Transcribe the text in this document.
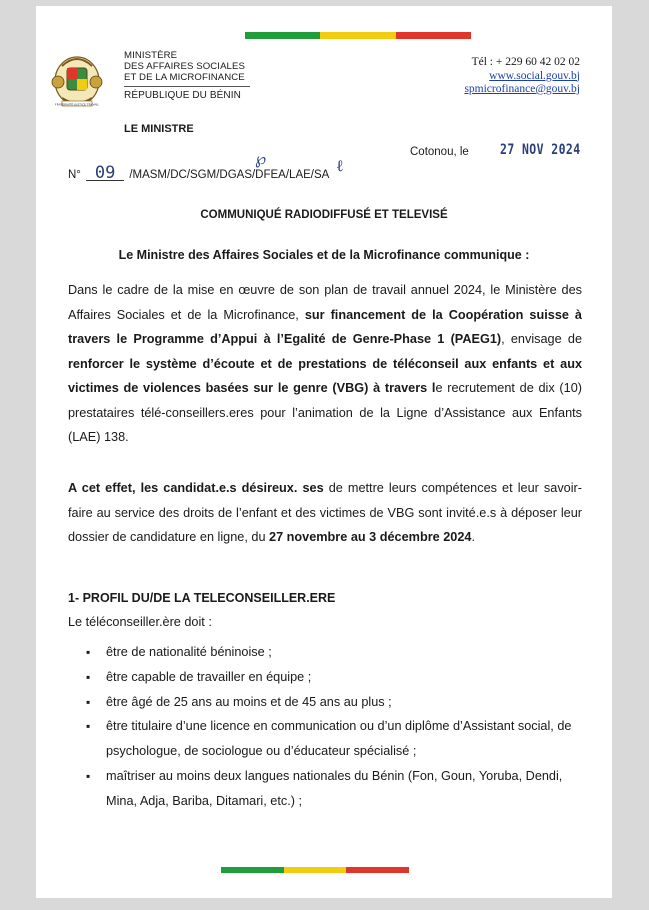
FRATERNITÉ JUSTICE TRAVAIL
MINISTÈRE
DES AFFAIRES SOCIALES
ET DE LA MICROFINANCE
RÉPUBLIQUE DU BÉNIN
Tél : + 229 60 42 02 02
www.social.gouv.bj
spmicrofinance@gouv.bj
LE MINISTRE
Cotonou, le 27 NOV 2024
N° 09 /MASM/DC/SGM/DGAS/DFEA/LAE/SA
℘	ℓ
COMMUNIQUÉ RADIODIFFUSÉ ET TELEVISÉ
Le Ministre des Affaires Sociales et de la Microfinance communique :

Dans le cadre de la mise en œuvre de son plan de travail annuel 2024, le Ministère des Affaires Sociales et de la Microfinance, sur financement de la Coopération suisse à travers le Programme d’Appui à l’Egalité de Genre-Phase 1 (PAEG1), envisage de renforcer le système d’écoute et de prestations de téléconseil aux enfants et aux victimes de violences basées sur le genre (VBG) à travers le recrutement de dix (10) prestataires télé-conseillers.eres pour l’animation de la Ligne d’Assistance aux Enfants (LAE) 138.

A cet effet, les candidat.e.s désireux. ses de mettre leurs compétences et leur savoir-faire au service des droits de l’enfant et des victimes de VBG sont invité.e.s à déposer leur dossier de candidature en ligne, du 27 novembre au 3 décembre 2024.

1- PROFIL DU/DE LA TELECONSEILLER.ERE
Le téléconseiller.ère doit :
▪ être de nationalité béninoise ;
▪ être capable de travailler en équipe ;
▪ être âgé de 25 ans au moins et de 45 ans au plus ;
▪ être titulaire d’une licence en communication ou d’un diplôme d’Assistant social, de psychologue, de sociologue ou d’éducateur spécialisé ;
▪ maîtriser au moins deux langues nationales du Bénin (Fon, Goun, Yoruba, Dendi, Mina, Adja, Bariba, Ditamari, etc.) ;
